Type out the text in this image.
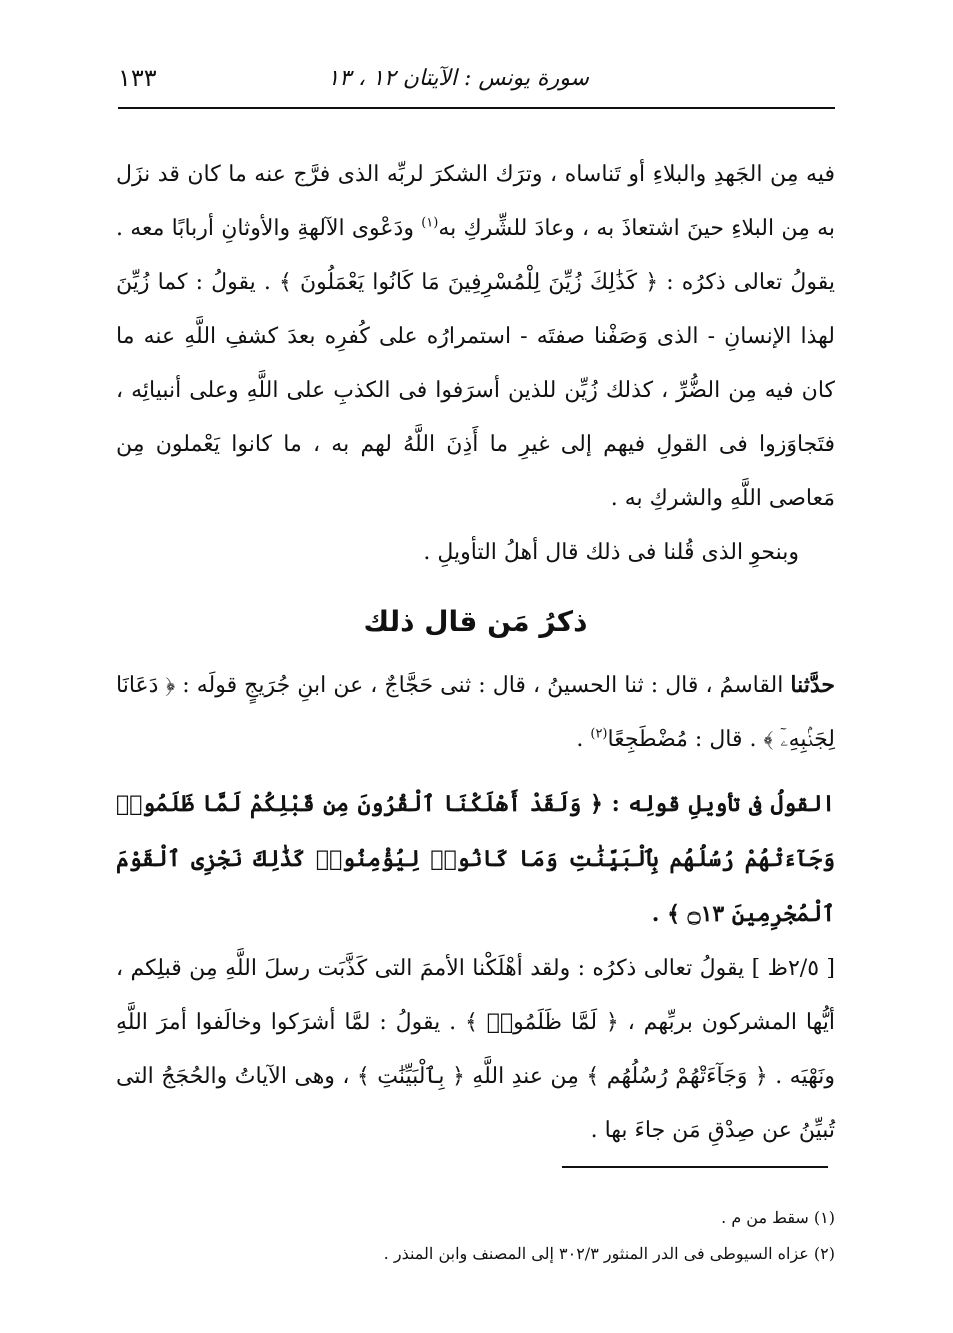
سورة يونس : الآيتان ١٢ ، ١٣
١٣٣

فيه مِن الجَهدِ والبلاءِ أو تَناساه ، وترَك الشكرَ لربِّه الذى فرَّج عنه ما كان قد نزَل به مِن البلاءِ حينَ اشتعاذَ به ، وعادَ للشِّركِ به$^{(١)}$ ودَعْوى الآلهةِ والأوثانِ أربابًا معه . يقولُ تعالى ذكرُه : ﴿ كَذَٰلِكَ زُيِّنَ لِلْمُسْرِفِينَ مَا كَانُوا يَعْمَلُونَ ﴾ . يقولُ : كما زُيِّنَ لهذا الإنسانِ - الذى وَصَفْنا صفتَه - استمرارُه على كُفرِه بعدَ كشفِ اللَّهِ عنه ما كان فيه مِن الضُّرِّ ، كذلك زُيِّن للذين أسرَفوا فى الكذبِ على اللَّهِ وعلى أنبيائِه ، فتَجاوَزوا فى القولِ فيهم إلى غيرِ ما أَذِنَ اللَّهُ لهم به ، ما كانوا يَعْملون مِن مَعاصى اللَّهِ والشركِ به .

وبنحوِ الذى قُلنا فى ذلك قال أهلُ التأويلِ .

ذكرُ مَن قال ذلك

حدَّثنا القاسمُ ، قال : ثنا الحسينُ ، قال : ثنى حَجَّاجٌ ، عن ابنِ جُرَيجٍ قولَه : ﴿ دَعَانَا لِجَنۢبِهِۦٓ ﴾ . قال : مُضْطَجِعًا$^{(٢)}$ .

القولُ فى تأويلِ قولِه : ﴿ وَلَقَدْ أَهْلَكْنَا ٱلْقُرُونَ مِن قَبْلِكُمْ لَمَّا ظَلَمُوا۟ وَجَآءَتْهُمْ رُسُلُهُم بِٱلْبَيِّنَٰتِ وَمَا كَانُوا۟ لِيُؤْمِنُوا۟ كَذَٰلِكَ نَجْزِى ٱلْقَوْمَ ٱلْمُجْرِمِينَ ۝١٣ ﴾ .

[ ٢/٥ظ ] يقولُ تعالى ذكرُه : ولقد أهْلَكْنا الأممَ التى كَذَّبَت رسلَ اللَّهِ مِن قبلِكم ، أيُّها المشركون بربِّهم ، ﴿ لَمَّا ظَلَمُوا۟ ﴾ . يقولُ : لمَّا أشرَكوا وخالَفوا أمرَ اللَّهِ ونَهْيَه . ﴿ وَجَآءَتْهُمْ رُسُلُهُم ﴾ مِن عندِ اللَّهِ ﴿ بِٱلْبَيِّنَٰتِ ﴾ ، وهى الآياتُ والحُجَجُ التى تُبيِّنُ عن صِدْقِ مَن جاءَ بها .

(١) سقط من م .

(٢) عزاه السيوطى فى الدر المنثور ٣٠٢/٣ إلى المصنف وابن المنذر .
